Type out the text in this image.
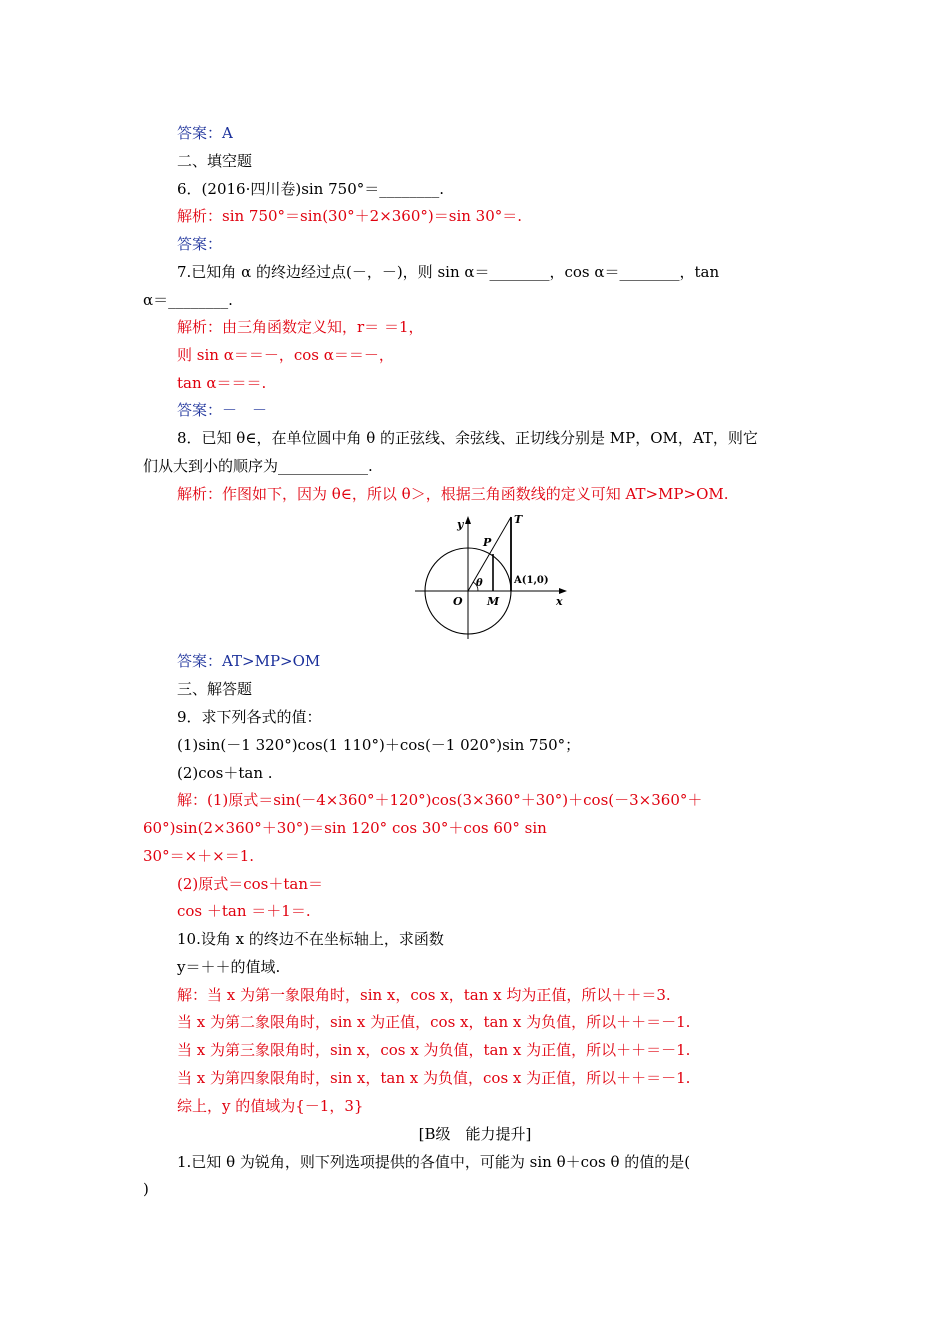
答案：A
二、填空题
6．(2016·四川卷)sin 750°＝________.
解析：sin 750°＝sin(30°＋2×360°)＝sin 30°＝.
答案：
7.已知角 α 的终边经过点(－，－)，则 sin α＝________，cos α＝________，tan
α＝________.
解析：由三角函数定义知，r＝ ＝1，
则 sin α＝＝－，cos α＝＝－，
tan α＝＝＝.
答案：－　－
8．已知 θ∈，在单位圆中角 θ 的正弦线、余弦线、正切线分别是 MP，OM，AT，则它
们从大到小的顺序为____________.
解析：作图如下，因为 θ∈，所以 θ＞，根据三角函数线的定义可知 AT>MP>OM.
y	T
P
θ	A(1,0)
O M	x
答案：AT>MP>OM
三、解答题
9．求下列各式的值：
(1)sin(－1 320°)cos(1 110°)＋cos(－1 020°)sin 750°；
(2)cos＋tan .
解：(1)原式＝sin(－4×360°＋120°)cos(3×360°＋30°)＋cos(－3×360°＋
60°)sin(2×360°＋30°)＝sin 120° cos 30°＋cos 60° sin
30°＝×＋×＝1.
(2)原式＝cos＋tan＝
cos ＋tan ＝＋1＝.
10.设角 x 的终边不在坐标轴上，求函数
y＝＋＋的值域.
解：当 x 为第一象限角时，sin x，cos x，tan x 均为正值，所以＋＋＝3.
当 x 为第二象限角时，sin x 为正值，cos x，tan x 为负值，所以＋＋＝－1.
当 x 为第三象限角时，sin x，cos x 为负值，tan x 为正值，所以＋＋＝－1.
当 x 为第四象限角时，sin x，tan x 为负值，cos x 为正值，所以＋＋＝－1.
综上，y 的值域为{－1，3}
[B级　能力提升]
1.已知 θ 为锐角，则下列选项提供的各值中，可能为 sin θ＋cos θ 的值的是(
)
